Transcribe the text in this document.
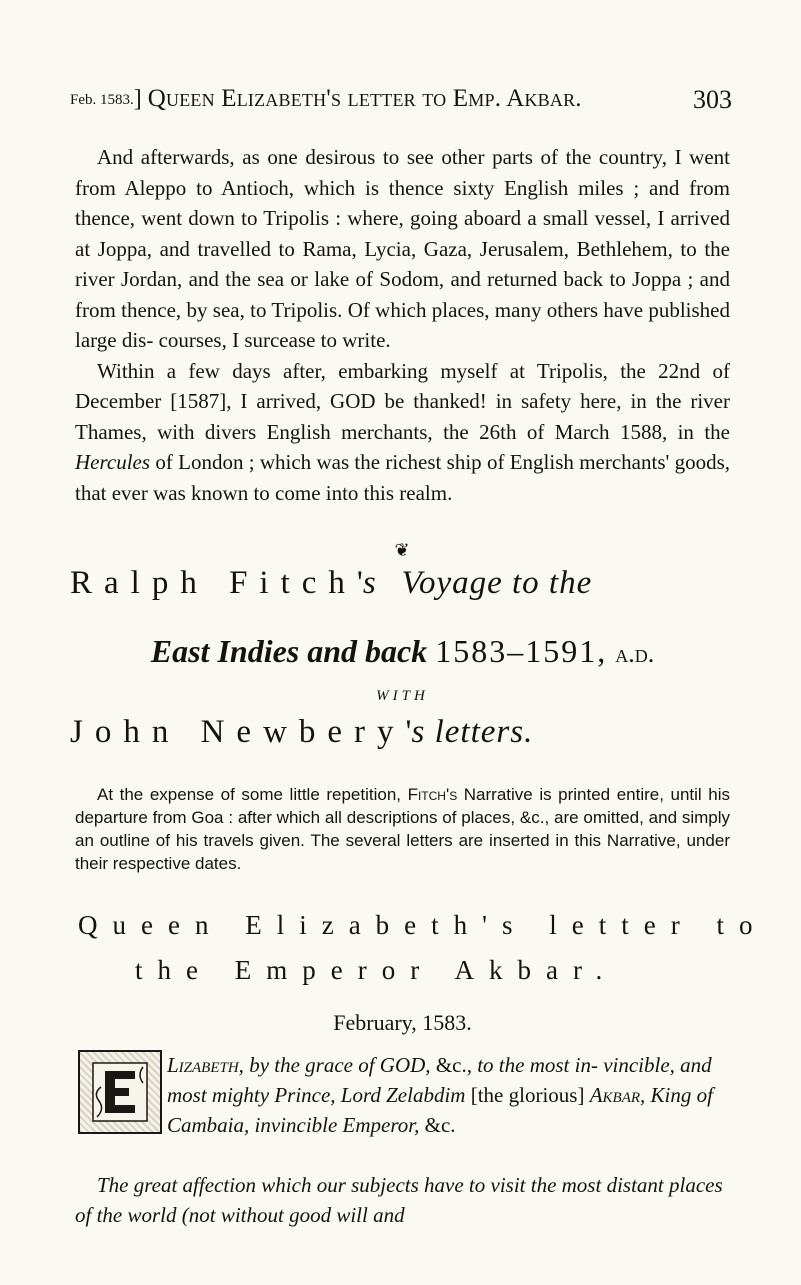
Feb. 1583.] Queen Elizabeth's letter to Emp. Akbar.	303

And afterwards, as one desirous to see other parts of the country, I went from Aleppo to Antioch, which is thence sixty English miles ; and from thence, went down to Tripolis : where, going aboard a small vessel, I arrived at Joppa, and travelled to Rama, Lycia, Gaza, Jerusalem, Bethlehem, to the river Jordan, and the sea or lake of Sodom, and returned back to Joppa ; and from thence, by sea, to Tripolis. Of which places, many others have published large dis- courses, I surcease to write.

Within a few days after, embarking myself at Tripolis, the 22nd of December [1587], I arrived, GOD be thanked! in safety here, in the river Thames, with divers English merchants, the 26th of March 1588, in the Hercules of London ; which was the richest ship of English merchants' goods, that ever was known to come into this realm.

❦
Ralph Fitch's Voyage to the
East Indies and back 1583–1591, a.d.
WITH
John Newbery's letters.
At the expense of some little repetition, Fitch's Narrative is printed entire, until his departure from Goa : after which all descriptions of places, &c., are omitted, and simply an outline of his travels given. The several letters are inserted in this Narrative, under their respective dates.
Queen Elizabeth's letter to
the Emperor Akbar.
February, 1583.
Lizabeth, by the grace of GOD, &c., to the most in- vincible, and most mighty Prince, Lord Zelabdim [the glorious] Akbar, King of Cambaia, invincible Emperor, &c.
The great affection which our subjects have to visit the most distant places of the world (not without good will and
